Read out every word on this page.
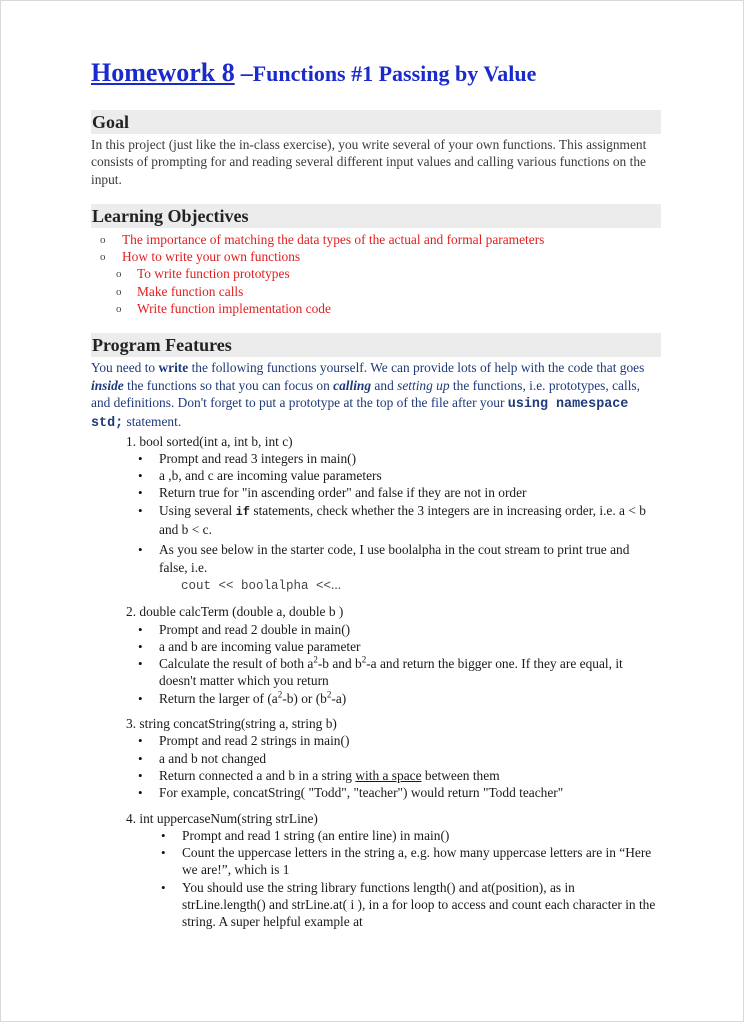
Homework 8 –Functions #1 Passing by Value
Goal

In this project (just like the in-class exercise), you write several of your own functions. This assignment consists of prompting for and reading several different input values and calling various functions on the input.

Learning Objectives
o The importance of matching the data types of the actual and formal parameters
o How to write your own functions
o To write function prototypes
o Make function calls
o Write function implementation code
Program Features

You need to write the following functions yourself. We can provide lots of help with the code that goes inside the functions so that you can focus on calling and setting up the functions, i.e. prototypes, calls, and definitions. Don't forget to put a prototype at the top of the file after your using namespace std; statement.

1. bool sorted(int a, int b, int c)
• Prompt and read 3 integers in main()
• a ,b, and c are incoming value parameters
• Return true for "in ascending order" and false if they are not in order
• Using several if statements, check whether the 3 integers are in increasing order, i.e. a < b and b < c.
• As you see below in the starter code, I use boolalpha in the cout stream to print true and false, i.e.
cout << boolalpha <<...
2. double calcTerm (double a, double b )
• Prompt and read 2 double in main()
• a and b are incoming value parameter
• Calculate the result of both $a^2-b$ and $b^2-a$ and return the bigger one. If they are equal, it doesn't matter which you return
• Return the larger of $(a^2-b)$ or $(b^2-a)$
3. string concatString(string a, string b)
• Prompt and read 2 strings in main()
• a and b not changed
• Return connected a and b in a string with a space between them
• For example, concatString( "Todd", "teacher") would return "Todd teacher"
4. int uppercaseNum(string strLine)
• Prompt and read 1 string (an entire line) in main()
• Count the uppercase letters in the string a, e.g. how many uppercase letters are in “Here we are!”, which is 1
• You should use the string library functions length() and at(position), as in strLine.length() and strLine.at( i ), in a for loop to access and count each character in the string. A super helpful example at
